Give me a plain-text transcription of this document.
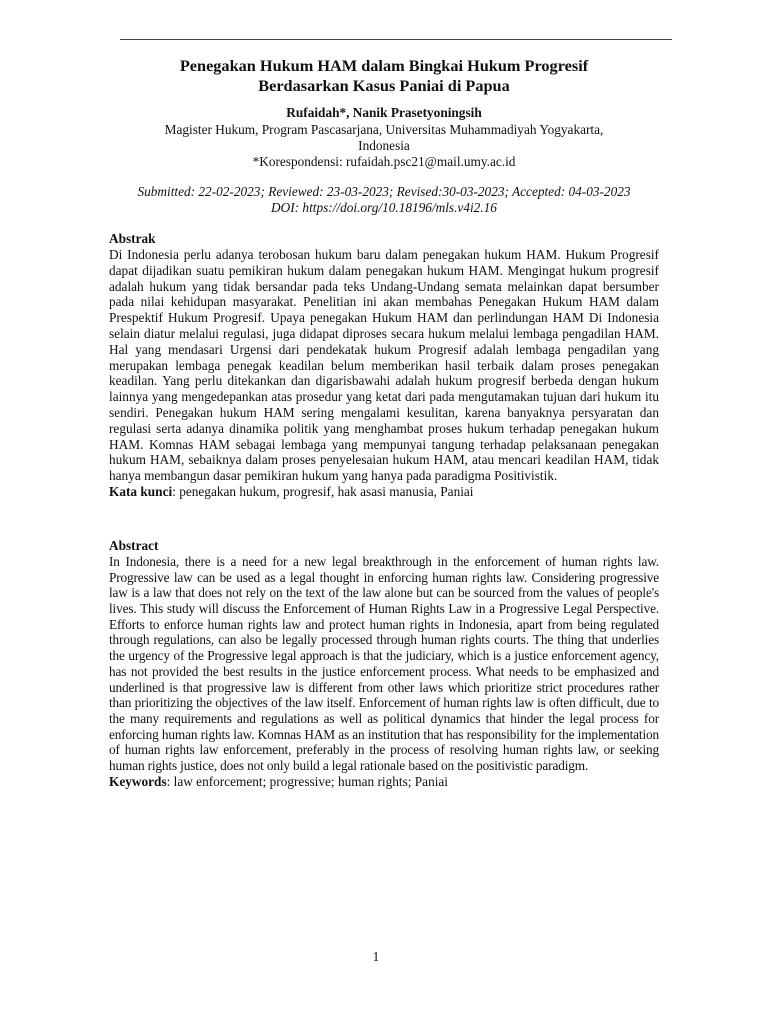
Penegakan Hukum HAM dalam Bingkai Hukum Progresif
Berdasarkan Kasus Paniai di Papua
Rufaidah*, Nanik Prasetyoningsih
Magister Hukum, Program Pascasarjana, Universitas Muhammadiyah Yogyakarta,
Indonesia
*Korespondensi: rufaidah.psc21@mail.umy.ac.id
Submitted: 22-02-2023; Reviewed: 23-03-2023; Revised:30-03-2023; Accepted: 04-03-2023
DOI: https://doi.org/10.18196/mls.v4i2.16
Abstrak

Di Indonesia perlu adanya terobosan hukum baru dalam penegakan hukum HAM. Hukum Progresif dapat dijadikan suatu pemikiran hukum dalam penegakan hukum HAM. Mengingat hukum progresif adalah hukum yang tidak bersandar pada teks Undang-Undang semata melainkan dapat bersumber pada nilai kehidupan masyarakat. Penelitian ini akan membahas Penegakan Hukum HAM dalam Prespektif Hukum Progresif. Upaya penegakan Hukum HAM dan perlindungan HAM Di Indonesia selain diatur melalui regulasi, juga didapat diproses secara hukum melalui lembaga pengadilan HAM. Hal yang mendasari Urgensi dari pendekatak hukum Progresif adalah lembaga pengadilan yang merupakan lembaga penegak keadilan belum memberikan hasil terbaik dalam proses penegakan keadilan. Yang perlu ditekankan dan digarisbawahi adalah hukum progresif berbeda dengan hukum lainnya yang mengedepankan atas prosedur yang ketat dari pada mengutamakan tujuan dari hukum itu sendiri. Penegakan hukum HAM sering mengalami kesulitan, karena banyaknya persyaratan dan regulasi serta adanya dinamika politik yang menghambat proses hukum terhadap penegakan hukum HAM. Komnas HAM sebagai lembaga yang mempunyai tangung terhadap pelaksanaan penegakan hukum HAM, sebaiknya dalam proses penyelesaian hukum HAM, atau mencari keadilan HAM, tidak hanya membangun dasar pemikiran hukum yang hanya pada paradigma Positivistik.

Kata kunci: penegakan hukum, progresif, hak asasi manusia, Paniai
Abstract

In Indonesia, there is a need for a new legal breakthrough in the enforcement of human rights law. Progressive law can be used as a legal thought in enforcing human rights law. Considering progressive law is a law that does not rely on the text of the law alone but can be sourced from the values of people's lives. This study will discuss the Enforcement of Human Rights Law in a Progressive Legal Perspective. Efforts to enforce human rights law and protect human rights in Indonesia, apart from being regulated through regulations, can also be legally processed through human rights courts. The thing that underlies the urgency of the Progressive legal approach is that the judiciary, which is a justice enforcement agency, has not provided the best results in the justice enforcement process. What needs to be emphasized and underlined is that progressive law is different from other laws which prioritize strict procedures rather than prioritizing the objectives of the law itself. Enforcement of human rights law is often difficult, due to the many requirements and regulations as well as political dynamics that hinder the legal process for enforcing human rights law. Komnas HAM as an institution that has responsibility for the implementation of human rights law enforcement, preferably in the process of resolving human rights law, or seeking human rights justice, does not only build a legal rationale based on the positivistic paradigm.

Keywords: law enforcement; progressive; human rights; Paniai
1
